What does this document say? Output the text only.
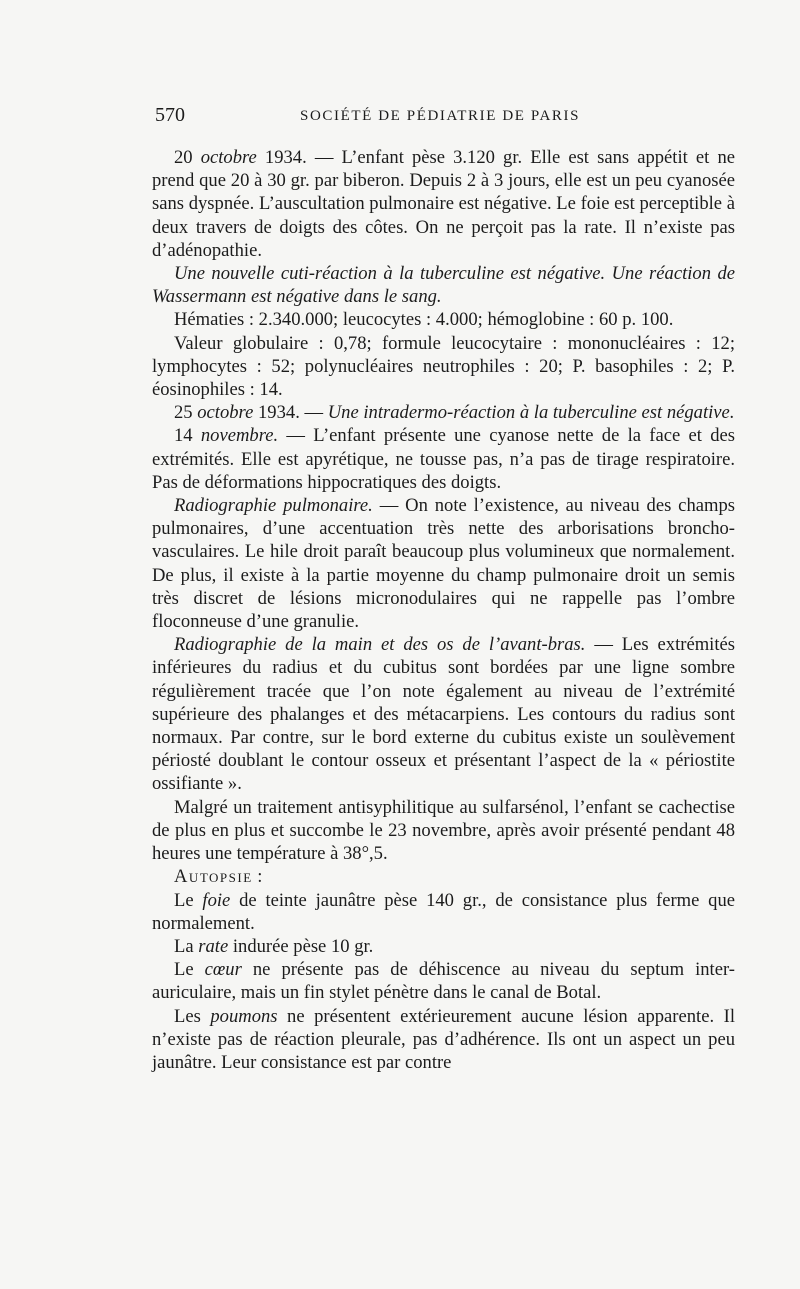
570	SOCIÉTÉ DE PÉDIATRIE DE PARIS

20 octobre 1934. — L’enfant pèse 3.120 gr. Elle est sans appétit et ne prend que 20 à 30 gr. par biberon. Depuis 2 à 3 jours, elle est un peu cyanosée sans dyspnée. L’auscultation pulmonaire est négative. Le foie est perceptible à deux travers de doigts des côtes. On ne perçoit pas la rate. Il n’existe pas d’adénopathie.

Une nouvelle cuti-réaction à la tuberculine est négative. Une réaction de Wassermann est négative dans le sang.

Hématies : 2.340.000; leucocytes : 4.000; hémoglobine : 60 p. 100.

Valeur globulaire : 0,78; formule leucocytaire : mononucléaires : 12; lymphocytes : 52; polynucléaires neutrophiles : 20; P. basophiles : 2; P. éosinophiles : 14.

25 octobre 1934. — Une intradermo-réaction à la tuberculine est négative.

14 novembre. — L’enfant présente une cyanose nette de la face et des extrémités. Elle est apyrétique, ne tousse pas, n’a pas de tirage respiratoire. Pas de déformations hippocratiques des doigts.

Radiographie pulmonaire. — On note l’existence, au niveau des champs pulmonaires, d’une accentuation très nette des arborisations broncho-vasculaires. Le hile droit paraît beaucoup plus volumineux que normalement. De plus, il existe à la partie moyenne du champ pulmonaire droit un semis très discret de lésions micronodulaires qui ne rappelle pas l’ombre floconneuse d’une granulie.

Radiographie de la main et des os de l’avant-bras. — Les extrémités inférieures du radius et du cubitus sont bordées par une ligne sombre régulièrement tracée que l’on note également au niveau de l’extrémité supérieure des phalanges et des métacarpiens. Les contours du radius sont normaux. Par contre, sur le bord externe du cubitus existe un soulèvement périosté doublant le contour osseux et présentant l’aspect de la « périostite ossifiante ».

Malgré un traitement antisyphilitique au sulfarsénol, l’enfant se cachectise de plus en plus et succombe le 23 novembre, après avoir présenté pendant 48 heures une température à 38°,5.

Autopsie :

Le foie de teinte jaunâtre pèse 140 gr., de consistance plus ferme que normalement.

La rate indurée pèse 10 gr.

Le cœur ne présente pas de déhiscence au niveau du septum inter-auriculaire, mais un fin stylet pénètre dans le canal de Botal.

Les poumons ne présentent extérieurement aucune lésion apparente. Il n’existe pas de réaction pleurale, pas d’adhérence. Ils ont un aspect un peu jaunâtre. Leur consistance est par contre
